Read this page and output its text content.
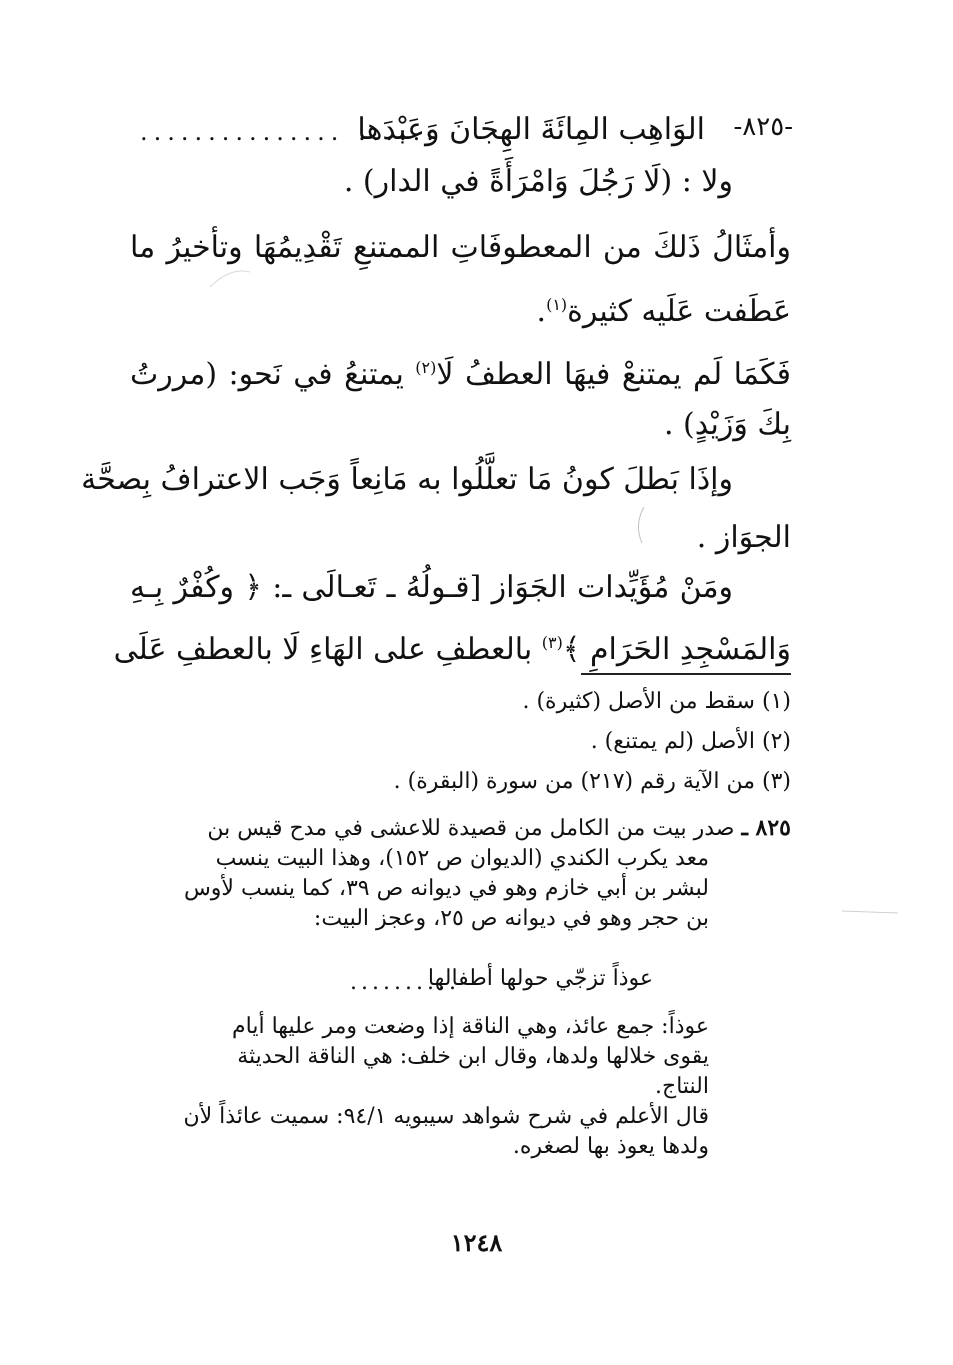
-٨٢٥-
الوَاهِب المِائَةَ الهِجَانَ وَعَبْدَها
............... ......
ولا : (لَا رَجُلَ وَامْرَأَةً في الدار) .
وأمثَالُ ذَلكَ من المعطوفَاتِ الممتنعِ تَقْدِيمُهَا وتأخيرُ ما
عَطَفت عَلَيه كثيرة$^{(١)}$.
فَكَمَا لَم يمتنعْ فيهَا العطفُ لَا$^{(٢)}$ يمتنعُ في نَحو: (مررتُ
بِكَ وَزَيْدٍ) .
وإذَا بَطلَ كونُ مَا تعلَّلُوا به مَانِعاً وَجَب الاعترافُ بِصحَّة
الجوَاز .
ومَنْ مُؤَيِّدات الجَوَاز [قـولُهُ ـ تَعـالَى ـ: ﴿ وكُفْرٌ بِـهِ
وَالمَسْجِدِ الحَرَامِ ﴾$^{(٣)}$ بالعطفِ على الهَاءِ لَا بالعطفِ عَلَى
(١) سقط من الأصل (كثيرة) .
(٢) الأصل (لم يمتنع) .
(٣) من الآية رقم (٢١٧) من سورة (البقرة) .
٨٢٥ ـ صدر بيت من الكامل من قصيدة للاعشى في مدح قيس بن
معد يكرب الكندي (الديوان ص ١٥٢)، وهذا البيت ينسب
لبشر بن أبي خازم وهو في ديوانه ص ٣٩، كما ينسب لأوس
بن حجر وهو في ديوانه ص ٢٥، وعجز البيت:
عوذاً تزجّي حولها أطفالها
..........
عوذاً: جمع عائذ، وهي الناقة إذا وضعت ومر عليها أيام
يقوى خلالها ولدها، وقال ابن خلف: هي الناقة الحديثة
النتاج.
قال الأعلم في شرح شواهد سيبويه ٩٤/١: سميت عائذاً لأن
ولدها يعوذ بها لصغره.
١٢٤٨
